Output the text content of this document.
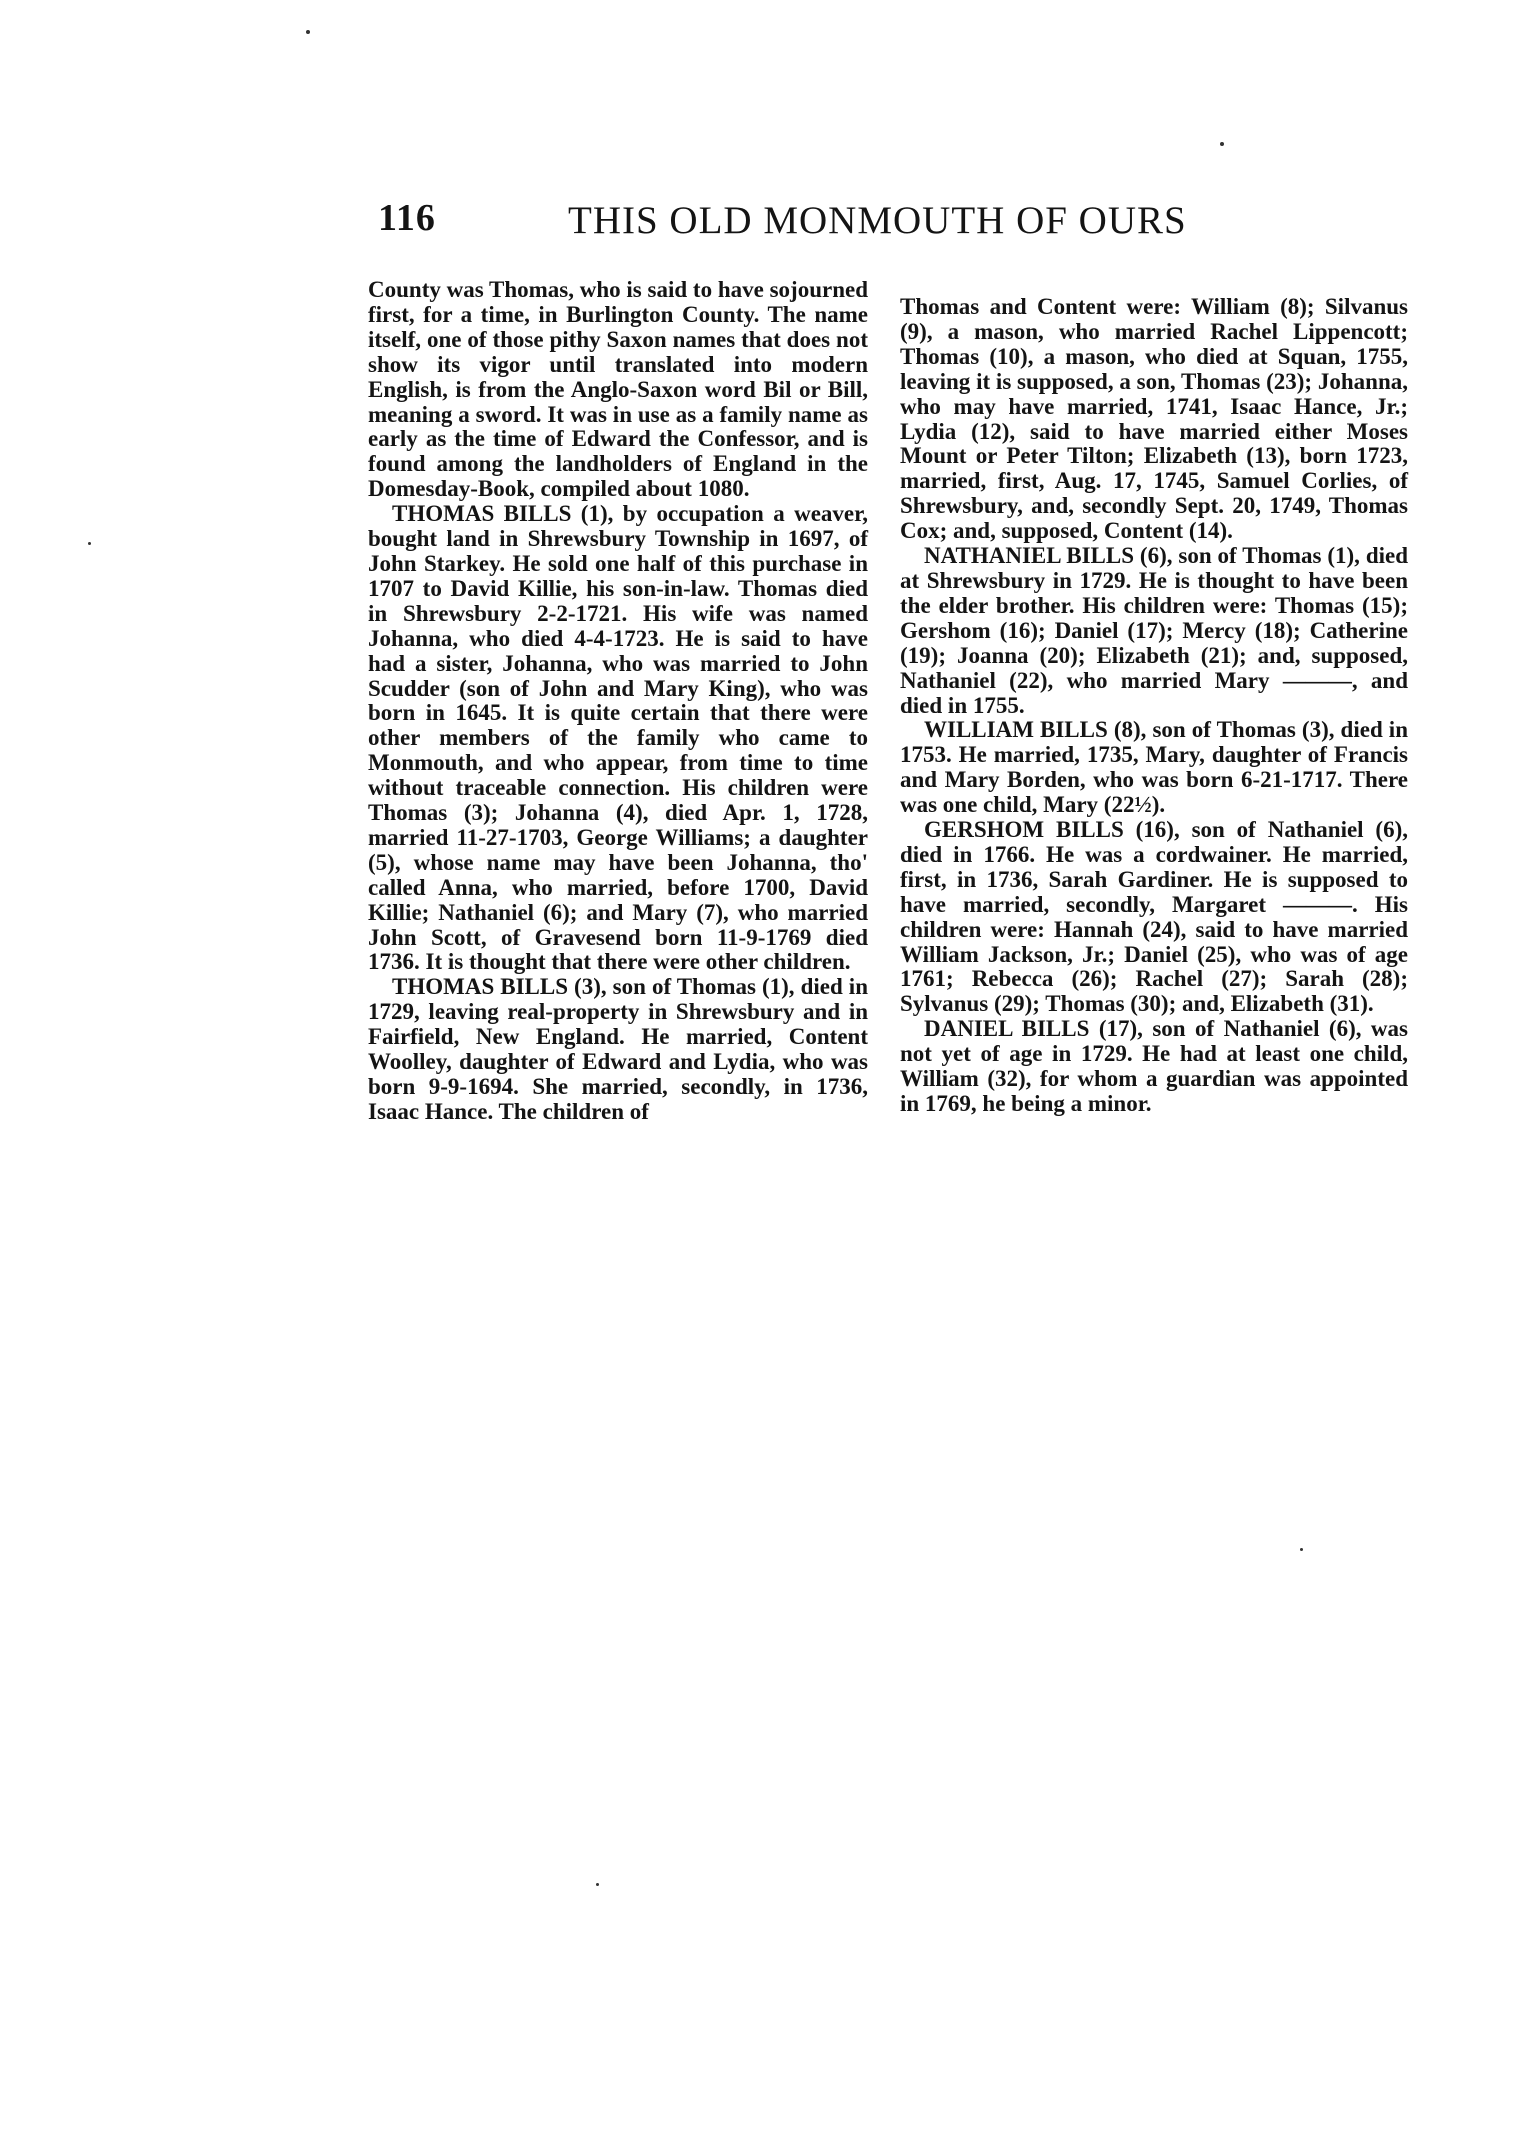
116	THIS OLD MONMOUTH OF OURS

County was Thomas, who is said to have sojourned first, for a time, in Burlington County. The name itself, one of those pithy Saxon names that does not show its vigor until translated into modern English, is from the Anglo-Saxon word Bil or Bill, meaning a sword. It was in use as a family name as early as the time of Edward the Confessor, and is found among the landholders of England in the Domesday-Book, compiled about 1080.

THOMAS BILLS (1), by occupation a weaver, bought land in Shrewsbury Township in 1697, of John Starkey. He sold one half of this purchase in 1707 to David Killie, his son-in-law. Thomas died in Shrewsbury 2-2-1721. His wife was named Johanna, who died 4-4-1723. He is said to have had a sister, Johanna, who was married to John Scudder (son of John and Mary King), who was born in 1645. It is quite certain that there were other members of the family who came to Monmouth, and who appear, from time to time without traceable connection. His children were Thomas (3); Johanna (4), died Apr. 1, 1728, married 11-27-1703, George Williams; a daughter (5), whose name may have been Johanna, tho' called Anna, who married, before 1700, David Killie; Nathaniel (6); and Mary (7), who married John Scott, of Gravesend born 11-9-1769 died 1736. It is thought that there were other children.

THOMAS BILLS (3), son of Thomas (1), died in 1729, leaving real-property in Shrewsbury and in Fairfield, New England. He married, Content Woolley, daughter of Edward and Lydia, who was born 9-9-1694. She married, secondly, in 1736, Isaac Hance. The children of

Thomas and Content were: William (8); Silvanus (9), a mason, who married Rachel Lippencott; Thomas (10), a mason, who died at Squan, 1755, leaving it is supposed, a son, Thomas (23); Johanna, who may have married, 1741, Isaac Hance, Jr.; Lydia (12), said to have married either Moses Mount or Peter Tilton; Elizabeth (13), born 1723, married, first, Aug. 17, 1745, Samuel Corlies, of Shrewsbury, and, secondly Sept. 20, 1749, Thomas Cox; and, supposed, Content (14).

NATHANIEL BILLS (6), son of Thomas (1), died at Shrewsbury in 1729. He is thought to have been the elder brother. His children were: Thomas (15); Gershom (16); Daniel (17); Mercy (18); Catherine (19); Joanna (20); Elizabeth (21); and, supposed, Nathaniel (22), who married Mary ———, and died in 1755.

WILLIAM BILLS (8), son of Thomas (3), died in 1753. He married, 1735, Mary, daughter of Francis and Mary Borden, who was born 6-21-1717. There was one child, Mary (22½).

GERSHOM BILLS (16), son of Nathaniel (6), died in 1766. He was a cordwainer. He married, first, in 1736, Sarah Gardiner. He is supposed to have married, secondly, Margaret ———. His children were: Hannah (24), said to have married William Jackson, Jr.; Daniel (25), who was of age 1761; Rebecca (26); Rachel (27); Sarah (28); Sylvanus (29); Thomas (30); and, Elizabeth (31).

DANIEL BILLS (17), son of Nathaniel (6), was not yet of age in 1729. He had at least one child, William (32), for whom a guardian was appointed in 1769, he being a minor.
